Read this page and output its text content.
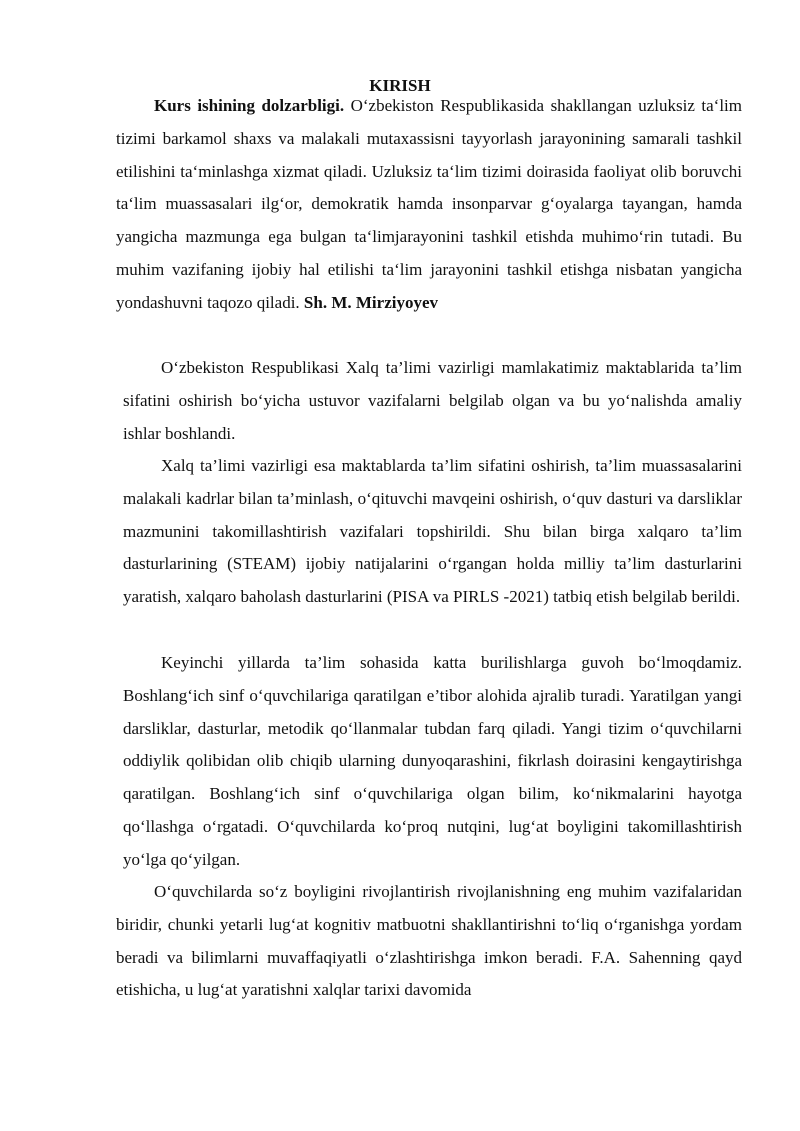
KIRISH

Kurs ishining dolzarbligi. O‘zbekiston Respublikasida shakllangan uzluksiz ta‘lim tizimi barkamol shaxs va malakali mutaxassisni tayyorlash jarayonining samarali tashkil etilishini ta‘minlashga xizmat qiladi. Uzluksiz ta‘lim tizimi doirasida faoliyat olib boruvchi ta‘lim muassasalari ilg‘or, demokratik hamda insonparvar g‘oyalarga tayangan, hamda yangicha mazmunga ega bulgan ta‘limjarayonini tashkil etishda muhimo‘rin tutadi. Bu muhim vazifaning ijobiy hal etilishi ta‘lim jarayonini tashkil etishga nisbatan yangicha yondashuvni taqozo qiladi. Sh. M. Mirziyoyev

O‘zbekiston Respublikasi Xalq ta’limi vazirligi mamlakatimiz maktablarida ta’lim sifatini oshirish bo‘yicha ustuvor vazifalarni belgilab olgan va bu yo‘nalishda amaliy ishlar boshlandi.

Xalq ta’limi vazirligi esa maktablarda ta’lim sifatini oshirish, ta’lim muassasalarini malakali kadrlar bilan ta’minlash, o‘qituvchi mavqeini oshirish, o‘quv dasturi va darsliklar mazmunini takomillashtirish vazifalari topshirildi. Shu bilan birga xalqaro ta’lim dasturlarining (STEAM) ijobiy natijalarini o‘rgangan holda milliy ta’lim dasturlarini yaratish, xalqaro baholash dasturlarini (PISA va PIRLS -2021) tatbiq etish belgilab berildi.

Keyinchi yillarda ta’lim sohasida katta burilishlarga guvoh bo‘lmoqdamiz. Boshlang‘ich sinf o‘quvchilariga qaratilgan e’tibor alohida ajralib turadi. Yaratilgan yangi darsliklar, dasturlar, metodik qo‘llanmalar tubdan farq qiladi. Yangi tizim o‘quvchilarni oddiylik qolibidan olib chiqib ularning dunyoqarashini, fikrlash doirasini kengaytirishga qaratilgan. Boshlang‘ich sinf o‘quvchilariga olgan bilim, ko‘nikmalarini hayotga qo‘llashga o‘rgatadi. O‘quvchilarda ko‘proq nutqini, lug‘at boyligini takomillashtirish yo‘lga qo‘yilgan.

O‘quvchilarda so‘z boyligini rivojlantirish rivojlanishning eng muhim vazifalaridan biridir, chunki yetarli lug‘at kognitiv matbuotni shakllantirishni to‘liq o‘rganishga yordam beradi va bilimlarni muvaffaqiyatli o‘zlashtirishga imkon beradi. F.A. Sahenning qayd etishicha, u lug‘at yaratishni xalqlar tarixi davomida
